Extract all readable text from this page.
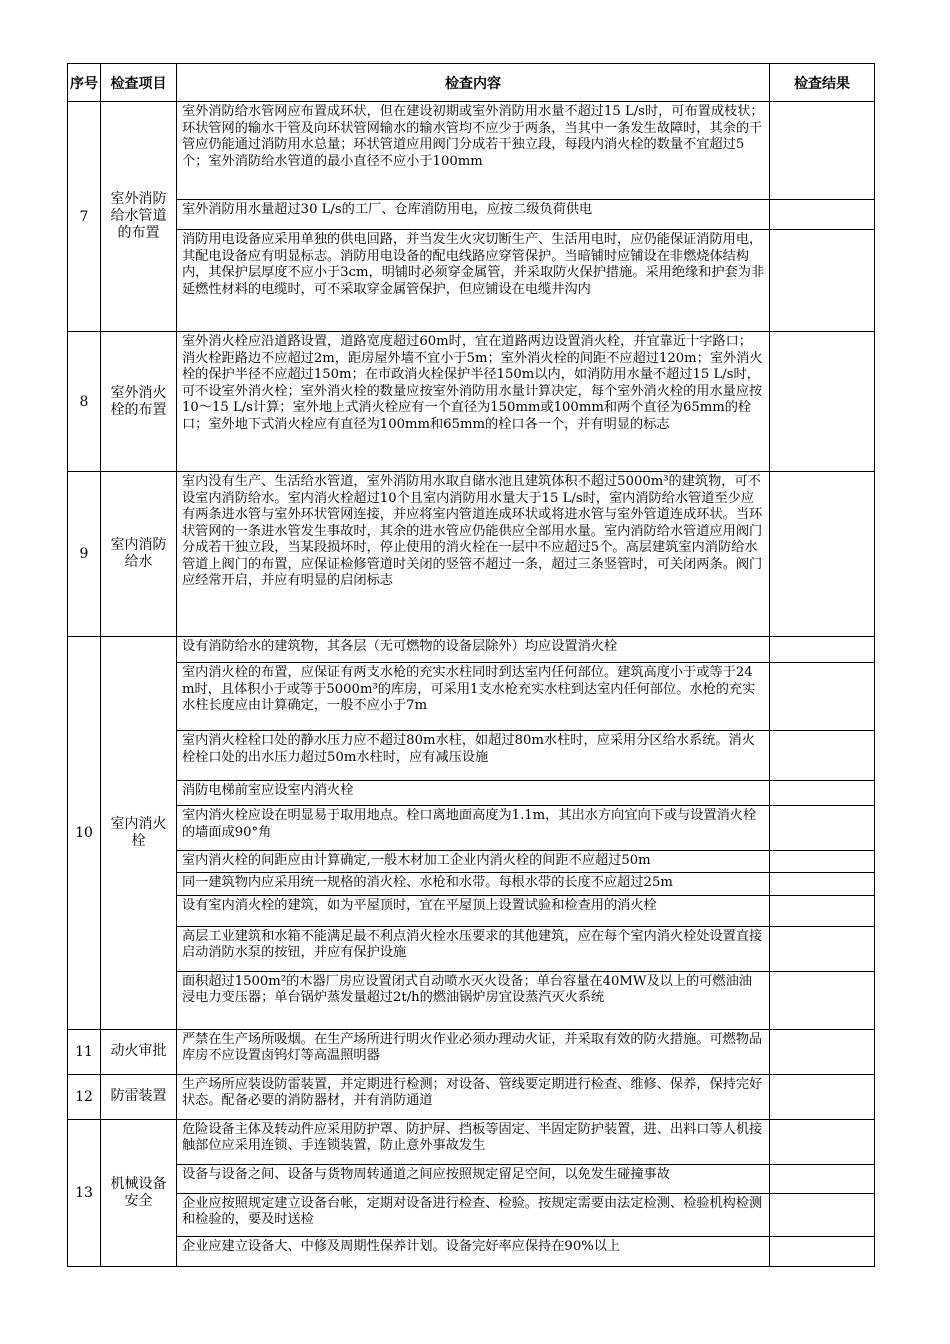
序号	检查项目	检查内容	检查结果
7	室外消防给水管道的布置	室外消防给水管网应布置成环状，但在建设初期或室外消防用水量不超过15 L/s时，可布置成枝状；环状管网的输水干管及向环状管网输水的输水管均不应少于两条，当其中一条发生故障时，其余的干管应仍能通过消防用水总量；环状管道应用阀门分成若干独立段，每段内消火栓的数量不宜超过5个；室外消防给水管道的最小直径不应小于100mm	
		室外消防用水量超过30 L/s的工厂、仓库消防用电，应按二级负荷供电	
		消防用电设备应采用单独的供电回路，并当发生火灾切断生产、生活用电时，应仍能保证消防用电，其配电设备应有明显标志。消防用电设备的配电线路应穿管保护。当暗铺时应铺设在非燃烧体结构内，其保护层厚度不应小于3cm，明铺时必须穿金属管，并采取防火保护措施。采用绝缘和护套为非延燃性材料的电缆时，可不采取穿金属管保护，但应铺设在电缆井沟内	
8	室外消火栓的布置	室外消火栓应沿道路设置，道路宽度超过60m时，宜在道路两边设置消火栓，并宜靠近十字路口；消火栓距路边不应超过2m，距房屋外墙不宜小于5m；室外消火栓的间距不应超过120m；室外消火栓的保护半径不应超过150m；在市政消火栓保护半径150m以内，如消防用水量不超过15 L/s时，可不设室外消火栓；室外消火栓的数量应按室外消防用水量计算决定，每个室外消火栓的用水量应按10～15 L/s计算；室外地上式消火栓应有一个直径为150mm或100mm和两个直径为65mm的栓口；室外地下式消火栓应有直径为100mm和65mm的栓口各一个，并有明显的标志	
9	室内消防给水	室内没有生产、生活给水管道，室外消防用水取自储水池且建筑体积不超过5000m³的建筑物，可不设室内消防给水。室内消火栓超过10个且室内消防用水量大于15 L/s时，室内消防给水管道至少应有两条进水管与室外环状管网连接，并应将室内管道连成环状或将进水管与室外管道连成环状。当环状管网的一条进水管发生事故时，其余的进水管应仍能供应全部用水量。室内消防给水管道应用阀门分成若干独立段，当某段损坏时，停止使用的消火栓在一层中不应超过5个。高层建筑室内消防给水管道上阀门的布置，应保证检修管道时关闭的竖管不超过一条，超过三条竖管时，可关闭两条。阀门应经常开启，并应有明显的启闭标志	
10	室内消火栓	设有消防给水的建筑物，其各层（无可燃物的设备层除外）均应设置消火栓	
		室内消火栓的布置，应保证有两支水枪的充实水柱同时到达室内任何部位。建筑高度小于或等于24m时，且体积小于或等于5000m³的库房，可采用1支水枪充实水柱到达室内任何部位。水枪的充实水柱长度应由计算确定，一般不应小于7m	
		室内消火栓栓口处的静水压力应不超过80m水柱，如超过80m水柱时，应采用分区给水系统。消火栓栓口处的出水压力超过50m水柱时，应有减压设施	
		消防电梯前室应设室内消火栓	
		室内消火栓应设在明显易于取用地点。栓口离地面高度为1.1m，其出水方向宜向下或与设置消火栓的墙面成90°角	
		室内消火栓的间距应由计算确定,一般木材加工企业内消火栓的间距不应超过50m	
		同一建筑物内应采用统一规格的消火栓、水枪和水带。每根水带的长度不应超过25m	
		设有室内消火栓的建筑，如为平屋顶时，宜在平屋顶上设置试验和检查用的消火栓	
		高层工业建筑和水箱不能满足最不利点消火栓水压要求的其他建筑，应在每个室内消火栓处设置直接启动消防水泵的按钮，并应有保护设施	
		面积超过1500m²的木器厂房应设置闭式自动喷水灭火设备；单台容量在40MW及以上的可燃油油浸电力变压器；单台锅炉蒸发量超过2t/h的燃油锅炉房宜设蒸汽灭火系统	
11	动火审批	严禁在生产场所吸烟。在生产场所进行明火作业必须办理动火证，并采取有效的防火措施。可燃物品库房不应设置卤钨灯等高温照明器	
12	防雷装置	生产场所应装设防雷装置，并定期进行检测；对设备、管线要定期进行检查、维修、保养，保持完好状态。配备必要的消防器材，并有消防通道	
13	机械设备安全	危险设备主体及转动件应采用防护罩、防护屏、挡板等固定、半固定防护装置，进、出料口等人机接触部位应采用连锁、手连锁装置，防止意外事故发生	
		设备与设备之间、设备与货物周转通道之间应按照规定留足空间，以免发生碰撞事故	
		企业应按照规定建立设备台帐，定期对设备进行检查、检验。按规定需要由法定检测、检验机构检测和检验的，要及时送检	
		企业应建立设备大、中修及周期性保养计划。设备完好率应保持在90%以上	
